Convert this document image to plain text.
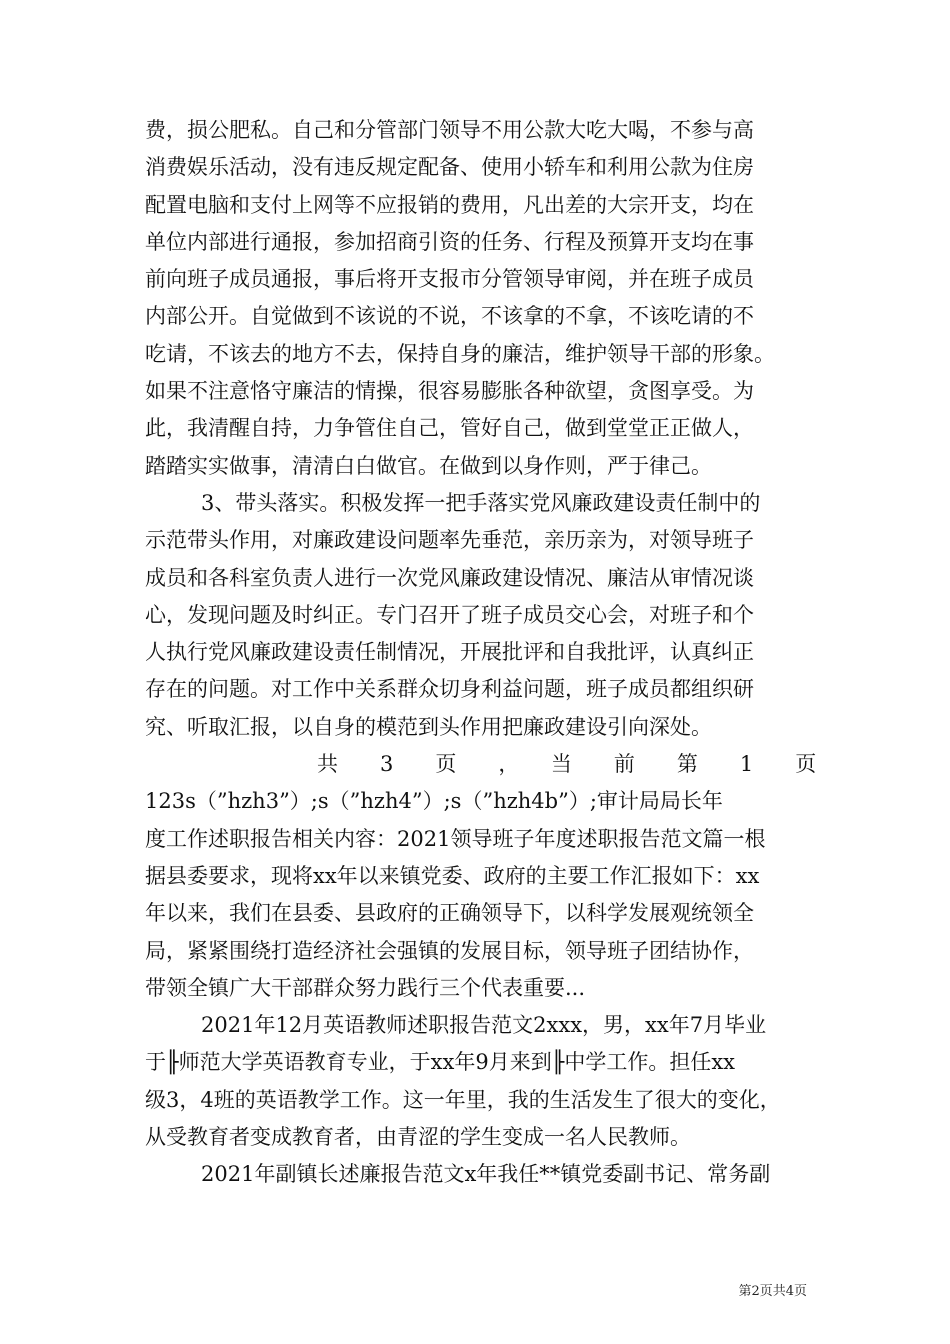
费，损公肥私。自己和分管部门领导不用公款大吃大喝，不参与高
消费娱乐活动，没有违反规定配备、使用小轿车和利用公款为住房
配置电脑和支付上网等不应报销的费用，凡出差的大宗开支，均在
单位内部进行通报，参加招商引资的任务、行程及预算开支均在事
前向班子成员通报，事后将开支报市分管领导审阅，并在班子成员
内部公开。自觉做到不该说的不说，不该拿的不拿，不该吃请的不
吃请，不该去的地方不去，保持自身的廉洁，维护领导干部的形象。
如果不注意恪守廉洁的情操，很容易膨胀各种欲望，贪图享受。为
此，我清醒自持，力争管住自己，管好自己，做到堂堂正正做人，
踏踏实实做事，清清白白做官。在做到以身作则，严于律己。
3、带头落实。积极发挥一把手落实党风廉政建设责任制中的
示范带头作用，对廉政建设问题率先垂范，亲历亲为，对领导班子
成员和各科室负责人进行一次党风廉政建设情况、廉洁从审情况谈
心，发现问题及时纠正。专门召开了班子成员交心会，对班子和个
人执行党风廉政建设责任制情况，开展批评和自我批评，认真纠正
存在的问题。对工作中关系群众切身利益问题，班子成员都组织研
究、听取汇报，以自身的模范到头作用把廉政建设引向深处。
共　　3　　页　　，　　当　　前　　第　　1　　页
123s（”hzh3”）;s（”hzh4”）;s（”hzh4b”）;审计局局长年
度工作述职报告相关内容：2021领导班子年度述职报告范文篇一根
据县委要求，现将xx年以来镇党委、政府的主要工作汇报如下：xx
年以来，我们在县委、县政府的正确领导下，以科学发展观统领全
局，紧紧围绕打造经济社会强镇的发展目标，领导班子团结协作，
带领全镇广大干部群众努力践行三个代表重要...
2021年12月英语教师述职报告范文2xxx，男，xx年7月毕业
于╟师范大学英语教育专业，于xx年9月来到╟中学工作。担任xx
级3，4班的英语教学工作。这一年里，我的生活发生了很大的变化，
从受教育者变成教育者，由青涩的学生变成一名人民教师。
2021年副镇长述廉报告范文x年我任**镇党委副书记、常务副
第2页共4页
